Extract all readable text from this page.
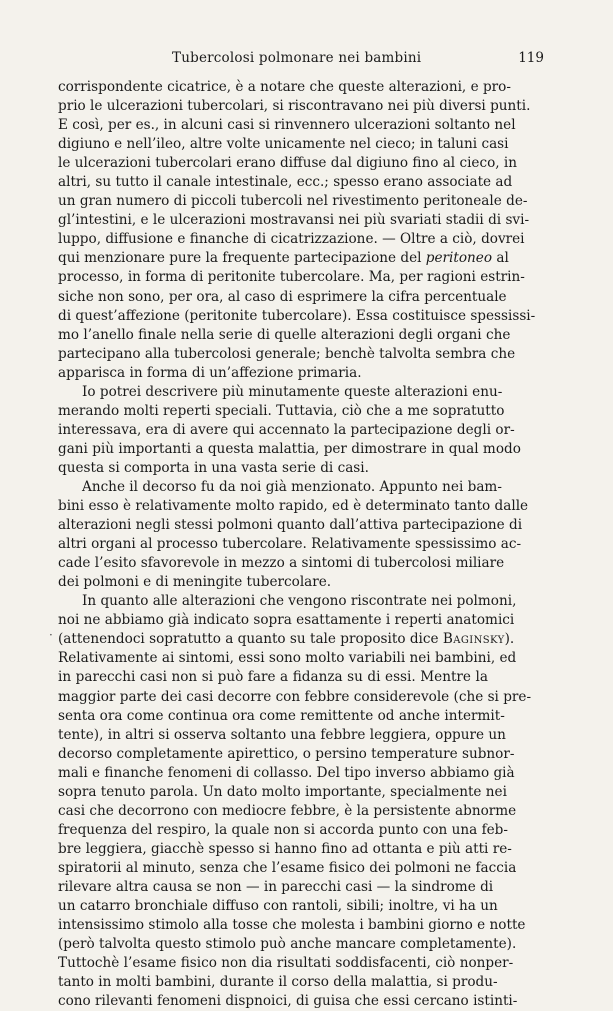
Tubercolosi polmonare nei bambini	119
corrispondente cicatrice, è a notare che queste alterazioni, e pro-
prio le ulcerazioni tubercolari, si riscontravano nei più diversi punti.
E così, per es., in alcuni casi si rinvennero ulcerazioni soltanto nel
digiuno e nell’ileo, altre volte unicamente nel cieco; in taluni casi
le ulcerazioni tubercolari erano diffuse dal digiuno fino al cieco, in
altri, su tutto il canale intestinale, ecc.; spesso erano associate ad
un gran numero di piccoli tubercoli nel rivestimento peritoneale de-
gl’intestini, e le ulcerazioni mostravansi nei più svariati stadii di svi-
luppo, diffusione e finanche di cicatrizzazione. — Oltre a ciò, dovrei
qui menzionare pure la frequente partecipazione del peritoneo al
processo, in forma di peritonite tubercolare. Ma, per ragioni estrin-
siche non sono, per ora, al caso di esprimere la cifra percentuale
di quest’affezione (peritonite tubercolare). Essa costituisce spessissi-
mo l’anello finale nella serie di quelle alterazioni degli organi che
partecipano alla tubercolosi generale; benchè talvolta sembra che
apparisca in forma di un’affezione primaria.
Io potrei descrivere più minutamente queste alterazioni enu-
merando molti reperti speciali. Tuttavia, ciò che a me sopratutto
interessava, era di avere qui accennato la partecipazione degli or-
gani più importanti a questa malattia, per dimostrare in qual modo
questa si comporta in una vasta serie di casi.
Anche il decorso fu da noi già menzionato. Appunto nei bam-
bini esso è relativamente molto rapido, ed è determinato tanto dalle
alterazioni negli stessi polmoni quanto dall’attiva partecipazione di
altri organi al processo tubercolare. Relativamente spessissimo ac-
cade l’esito sfavorevole in mezzo a sintomi di tubercolosi miliare
dei polmoni e di meningite tubercolare.
In quanto alle alterazioni che vengono riscontrate nei polmoni,
noi ne abbiamo già indicato sopra esattamente i reperti anatomici
(attenendoci sopratutto a quanto su tale proposito dice Baginsky).
Relativamente ai sintomi, essi sono molto variabili nei bambini, ed
in parecchi casi non si può fare a fidanza su di essi. Mentre la
maggior parte dei casi decorre con febbre considerevole (che si pre-
senta ora come continua ora come remittente od anche intermit-
tente), in altri si osserva soltanto una febbre leggiera, oppure un
decorso completamente apirettico, o persino temperature subnor-
mali e finanche fenomeni di collasso. Del tipo inverso abbiamo già
sopra tenuto parola. Un dato molto importante, specialmente nei
casi che decorrono con mediocre febbre, è la persistente abnorme
frequenza del respiro, la quale non si accorda punto con una feb-
bre leggiera, giacchè spesso si hanno fino ad ottanta e più atti re-
spiratorii al minuto, senza che l’esame fisico dei polmoni ne faccia
rilevare altra causa se non — in parecchi casi — la sindrome di
un catarro bronchiale diffuso con rantoli, sibili; inoltre, vi ha un
intensissimo stimolo alla tosse che molesta i bambini giorno e notte
(però talvolta questo stimolo può anche mancare completamente).
Tuttochè l’esame fisico non dia risultati soddisfacenti, ciò nonper-
tanto in molti bambini, durante il corso della malattia, si produ-
cono rilevanti fenomeni dispnoici, di guisa che essi cercano istinti-
·
